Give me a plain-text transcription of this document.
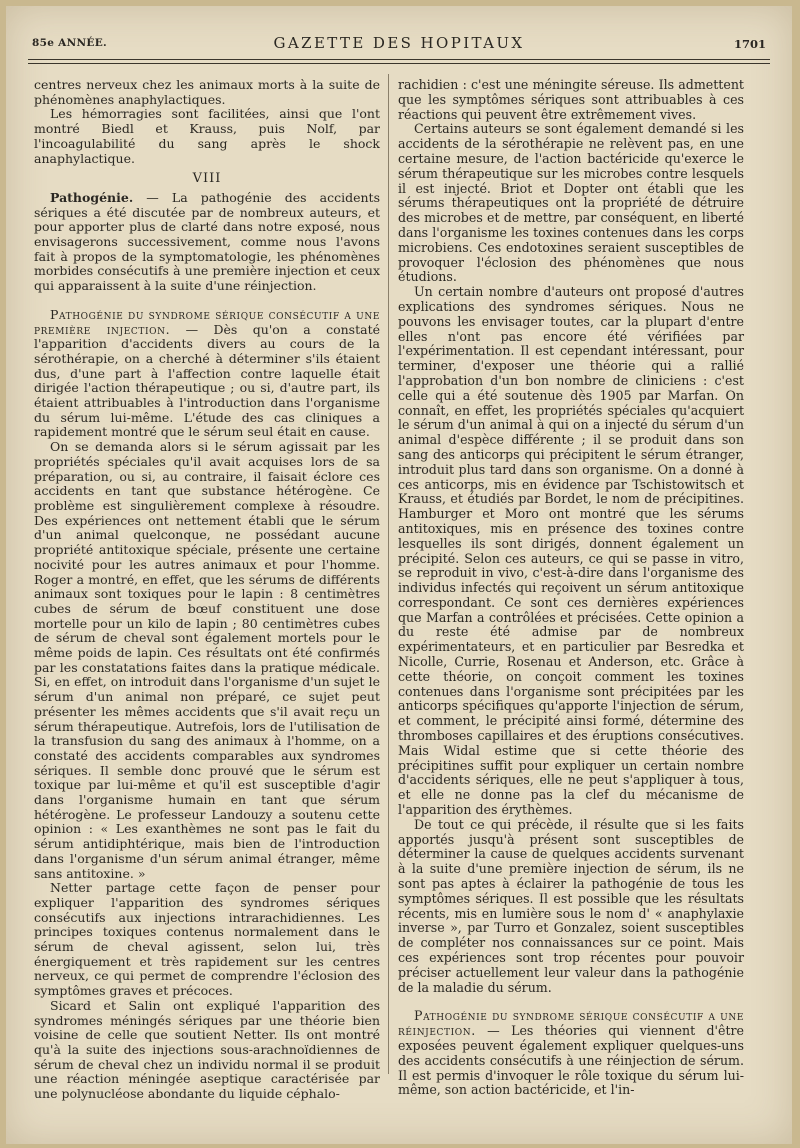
85e ANNÉE.	GAZETTE DES HOPITAUX	1701

centres nerveux chez les animaux morts à la suite de phénomènes anaphylactiques.

Les hémorragies sont facilitées, ainsi que l'ont montré Biedl et Krauss, puis Nolf, par l'incoagulabilité du sang après le shock anaphylactique.

VIII

Pathogénie. — La pathogénie des accidents sériques a été discutée par de nombreux auteurs, et pour apporter plus de clarté dans notre exposé, nous envisagerons successivement, comme nous l'avons fait à propos de la symptomatologie, les phénomènes morbides consécutifs à une première injection et ceux qui apparaissent à la suite d'une réinjection.

Pathogénie du syndrome sérique consécutif a une première injection. — Dès qu'on a constaté l'apparition d'accidents divers au cours de la sérothérapie, on a cherché à déterminer s'ils étaient dus, d'une part à l'affection contre laquelle était dirigée l'action thérapeutique ; ou si, d'autre part, ils étaient attribuables à l'introduction dans l'organisme du sérum lui-même. L'étude des cas cliniques a rapidement montré que le sérum seul était en cause.

On se demanda alors si le sérum agissait par les propriétés spéciales qu'il avait acquises lors de sa préparation, ou si, au contraire, il faisait éclore ces accidents en tant que substance hétérogène. Ce problème est singulièrement complexe à résoudre. Des expériences ont nettement établi que le sérum d'un animal quelconque, ne possédant aucune propriété antitoxique spéciale, présente une certaine nocivité pour les autres animaux et pour l'homme. Roger a montré, en effet, que les sérums de différents animaux sont toxiques pour le lapin : 8 centimètres cubes de sérum de bœuf constituent une dose mortelle pour un kilo de lapin ; 80 centimètres cubes de sérum de cheval sont également mortels pour le même poids de lapin. Ces résultats ont été confirmés par les constatations faites dans la pratique médicale. Si, en effet, on introduit dans l'organisme d'un sujet le sérum d'un animal non préparé, ce sujet peut présenter les mêmes accidents que s'il avait reçu un sérum thérapeutique. Autrefois, lors de l'utilisation de la transfusion du sang des animaux à l'homme, on a constaté des accidents comparables aux syndromes sériques. Il semble donc prouvé que le sérum est toxique par lui-même et qu'il est susceptible d'agir dans l'organisme humain en tant que sérum hétérogène. Le professeur Landouzy a soutenu cette opinion : « Les exanthèmes ne sont pas le fait du sérum antidiphtérique, mais bien de l'introduction dans l'organisme d'un sérum animal étranger, même sans antitoxine. »

Netter partage cette façon de penser pour expliquer l'apparition des syndromes sériques consécutifs aux injections intrarachidiennes. Les principes toxiques contenus normalement dans le sérum de cheval agissent, selon lui, très énergiquement et très rapidement sur les centres nerveux, ce qui permet de comprendre l'éclosion des symptômes graves et précoces.

Sicard et Salin ont expliqué l'apparition des syndromes méningés sériques par une théorie bien voisine de celle que soutient Netter. Ils ont montré qu'à la suite des injections sous-arachnoïdiennes de sérum de cheval chez un individu normal il se produit une réaction méningée aseptique caractérisée par une polynucléose abondante du liquide céphalo-

rachidien : c'est une méningite séreuse. Ils admettent que les symptômes sériques sont attribuables à ces réactions qui peuvent être extrêmement vives.

Certains auteurs se sont également demandé si les accidents de la sérothérapie ne relèvent pas, en une certaine mesure, de l'action bactéricide qu'exerce le sérum thérapeutique sur les microbes contre lesquels il est injecté. Briot et Dopter ont établi que les sérums thérapeutiques ont la propriété de détruire des microbes et de mettre, par conséquent, en liberté dans l'organisme les toxines contenues dans les corps microbiens. Ces endotoxines seraient susceptibles de provoquer l'éclosion des phénomènes que nous étudions.

Un certain nombre d'auteurs ont proposé d'autres explications des syndromes sériques. Nous ne pouvons les envisager toutes, car la plupart d'entre elles n'ont pas encore été vérifiées par l'expérimentation. Il est cependant intéressant, pour terminer, d'exposer une théorie qui a rallié l'approbation d'un bon nombre de cliniciens : c'est celle qui a été soutenue dès 1905 par Marfan. On connaît, en effet, les propriétés spéciales qu'acquiert le sérum d'un animal à qui on a injecté du sérum d'un animal d'espèce différente ; il se produit dans son sang des anticorps qui précipitent le sérum étranger, introduit plus tard dans son organisme. On a donné à ces anticorps, mis en évidence par Tschistowitsch et Krauss, et étudiés par Bordet, le nom de précipitines. Hamburger et Moro ont montré que les sérums antitoxiques, mis en présence des toxines contre lesquelles ils sont dirigés, donnent également un précipité. Selon ces auteurs, ce qui se passe in vitro, se reproduit in vivo, c'est-à-dire dans l'organisme des individus infectés qui reçoivent un sérum antitoxique correspondant. Ce sont ces dernières expériences que Marfan a contrôlées et précisées. Cette opinion a du reste été admise par de nombreux expérimentateurs, et en particulier par Besredka et Nicolle, Currie, Rosenau et Anderson, etc. Grâce à cette théorie, on conçoit comment les toxines contenues dans l'organisme sont précipitées par les anticorps spécifiques qu'apporte l'injection de sérum, et comment, le précipité ainsi formé, détermine des thromboses capillaires et des éruptions consécutives. Mais Widal estime que si cette théorie des précipitines suffit pour expliquer un certain nombre d'accidents sériques, elle ne peut s'appliquer à tous, et elle ne donne pas la clef du mécanisme de l'apparition des érythèmes.

De tout ce qui précède, il résulte que si les faits apportés jusqu'à présent sont susceptibles de déterminer la cause de quelques accidents survenant à la suite d'une première injection de sérum, ils ne sont pas aptes à éclairer la pathogénie de tous les symptômes sériques. Il est possible que les résultats récents, mis en lumière sous le nom d' « anaphylaxie inverse », par Turro et Gonzalez, soient susceptibles de compléter nos connaissances sur ce point. Mais ces expériences sont trop récentes pour pouvoir préciser actuellement leur valeur dans la pathogénie de la maladie du sérum.

Pathogénie du syndrome sérique consécutif a une réinjection. — Les théories qui viennent d'être exposées peuvent également expliquer quelques-uns des accidents consécutifs à une réinjection de sérum. Il est permis d'invoquer le rôle toxique du sérum lui-même, son action bactéricide, et l'in-
